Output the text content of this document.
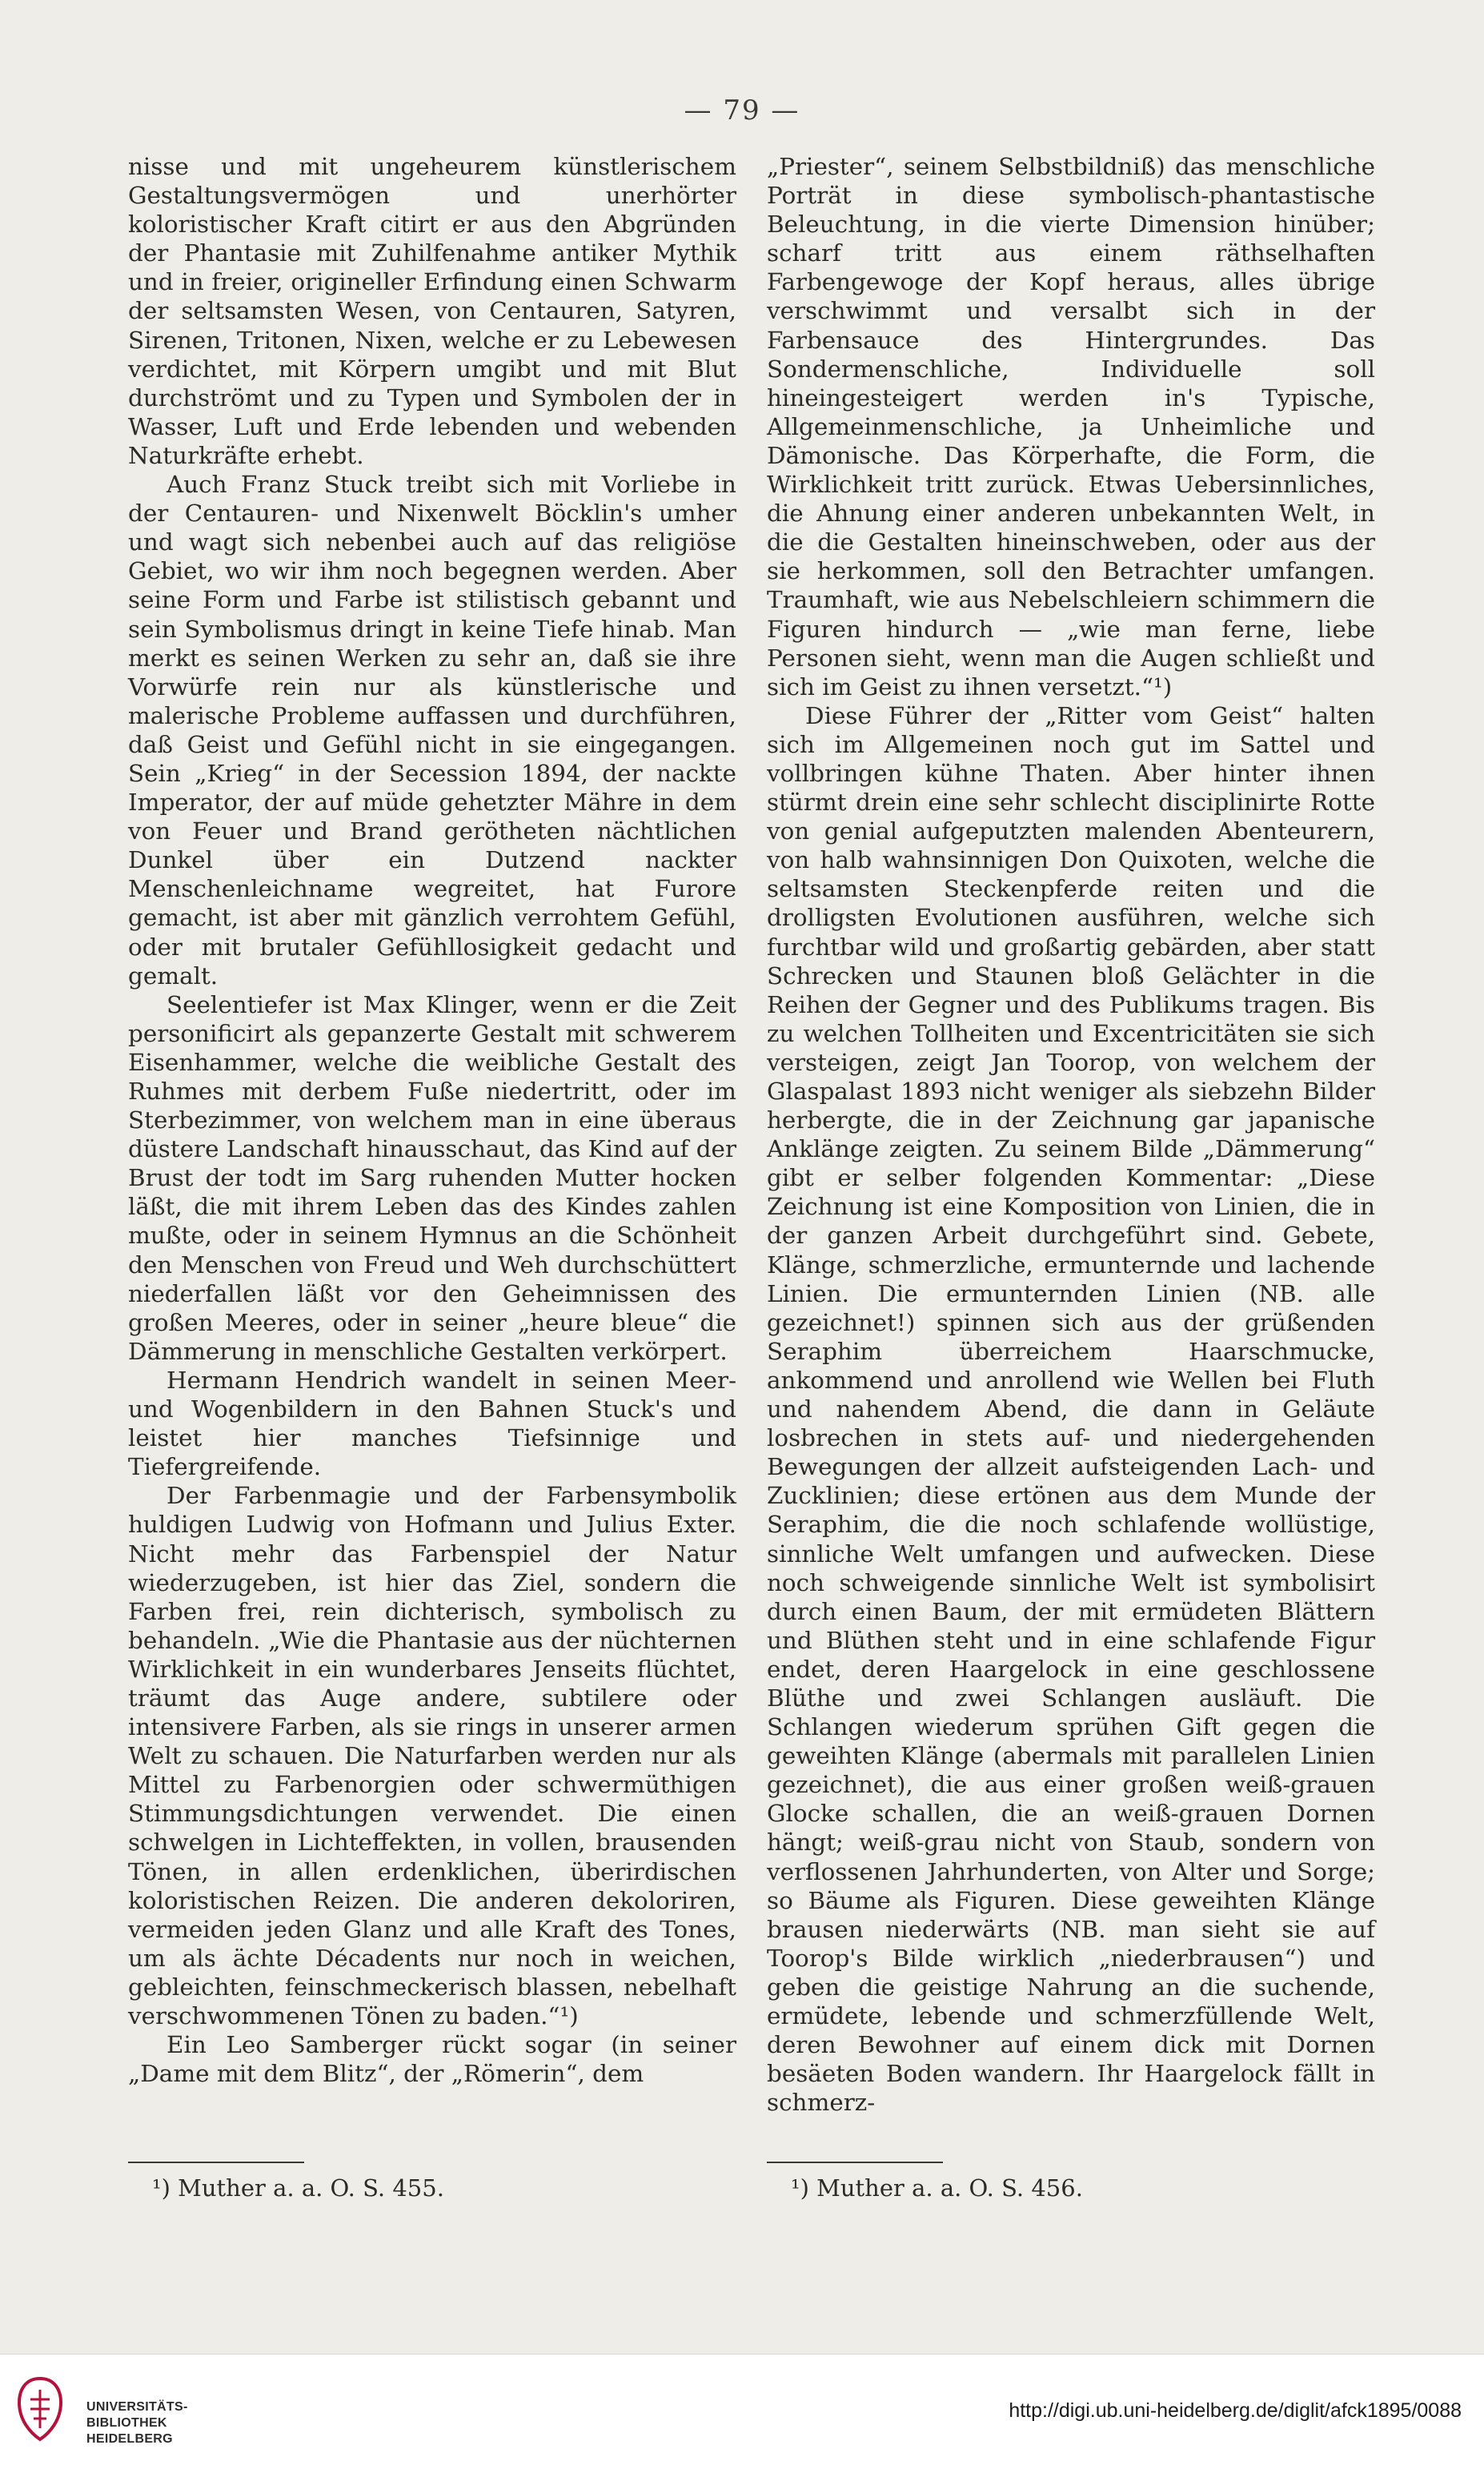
— 79 —

nisse und mit ungeheurem künstlerischem Gestaltungsvermögen und unerhörter koloristischer Kraft citirt er aus den Abgründen der Phantasie mit Zuhilfenahme antiker Mythik und in freier, origineller Erfindung einen Schwarm der seltsamsten Wesen, von Centauren, Satyren, Sirenen, Tritonen, Nixen, welche er zu Lebewesen verdichtet, mit Körpern umgibt und mit Blut durchströmt und zu Typen und Symbolen der in Wasser, Luft und Erde lebenden und webenden Naturkräfte erhebt.

Auch Franz Stuck treibt sich mit Vorliebe in der Centauren- und Nixenwelt Böcklin's umher und wagt sich nebenbei auch auf das religiöse Gebiet, wo wir ihm noch begegnen werden. Aber seine Form und Farbe ist stilistisch gebannt und sein Symbolismus dringt in keine Tiefe hinab. Man merkt es seinen Werken zu sehr an, daß sie ihre Vorwürfe rein nur als künstlerische und malerische Probleme auffassen und durchführen, daß Geist und Gefühl nicht in sie eingegangen. Sein „Krieg“ in der Secession 1894, der nackte Imperator, der auf müde gehetzter Mähre in dem von Feuer und Brand gerötheten nächtlichen Dunkel über ein Dutzend nackter Menschenleichname wegreitet, hat Furore gemacht, ist aber mit gänzlich verrohtem Gefühl, oder mit brutaler Gefühllosigkeit gedacht und gemalt.

Seelentiefer ist Max Klinger, wenn er die Zeit personificirt als gepanzerte Gestalt mit schwerem Eisenhammer, welche die weibliche Gestalt des Ruhmes mit derbem Fuße niedertritt, oder im Sterbezimmer, von welchem man in eine überaus düstere Landschaft hinausschaut, das Kind auf der Brust der todt im Sarg ruhenden Mutter hocken läßt, die mit ihrem Leben das des Kindes zahlen mußte, oder in seinem Hymnus an die Schönheit den Menschen von Freud und Weh durchschüttert niederfallen läßt vor den Geheimnissen des großen Meeres, oder in seiner „heure bleue“ die Dämmerung in menschliche Gestalten verkörpert.

Hermann Hendrich wandelt in seinen Meer- und Wogenbildern in den Bahnen Stuck's und leistet hier manches Tiefsinnige und Tiefergreifende.

Der Farbenmagie und der Farbensymbolik huldigen Ludwig von Hofmann und Julius Exter. Nicht mehr das Farbenspiel der Natur wiederzugeben, ist hier das Ziel, sondern die Farben frei, rein dichterisch, symbolisch zu behandeln. „Wie die Phantasie aus der nüchternen Wirklichkeit in ein wunderbares Jenseits flüchtet, träumt das Auge andere, subtilere oder intensivere Farben, als sie rings in unserer armen Welt zu schauen. Die Naturfarben werden nur als Mittel zu Farbenorgien oder schwermüthigen Stimmungsdichtungen verwendet. Die einen schwelgen in Lichteffekten, in vollen, brausenden Tönen, in allen erdenklichen, überirdischen koloristischen Reizen. Die anderen dekoloriren, vermeiden jeden Glanz und alle Kraft des Tones, um als ächte Décadents nur noch in weichen, gebleichten, feinschmeckerisch blassen, nebelhaft verschwommenen Tönen zu baden.“¹)

Ein Leo Samberger rückt sogar (in seiner „Dame mit dem Blitz“, der „Römerin“, dem

„Priester“, seinem Selbstbildniß) das menschliche Porträt in diese symbolisch-phantastische Beleuchtung, in die vierte Dimension hinüber; scharf tritt aus einem räthselhaften Farbengewoge der Kopf heraus, alles übrige verschwimmt und versalbt sich in der Farbensauce des Hintergrundes. Das Sondermenschliche, Individuelle soll hineingesteigert werden in's Typische, Allgemeinmenschliche, ja Unheimliche und Dämonische. Das Körperhafte, die Form, die Wirklichkeit tritt zurück. Etwas Uebersinnliches, die Ahnung einer anderen unbekannten Welt, in die die Gestalten hineinschweben, oder aus der sie herkommen, soll den Betrachter umfangen. Traumhaft, wie aus Nebelschleiern schimmern die Figuren hindurch — „wie man ferne, liebe Personen sieht, wenn man die Augen schließt und sich im Geist zu ihnen versetzt.“¹)

Diese Führer der „Ritter vom Geist“ halten sich im Allgemeinen noch gut im Sattel und vollbringen kühne Thaten. Aber hinter ihnen stürmt drein eine sehr schlecht disciplinirte Rotte von genial aufgeputzten malenden Abenteurern, von halb wahnsinnigen Don Quixoten, welche die seltsamsten Steckenpferde reiten und die drolligsten Evolutionen ausführen, welche sich furchtbar wild und großartig gebärden, aber statt Schrecken und Staunen bloß Gelächter in die Reihen der Gegner und des Publikums tragen. Bis zu welchen Tollheiten und Excentricitäten sie sich versteigen, zeigt Jan Toorop, von welchem der Glaspalast 1893 nicht weniger als siebzehn Bilder herbergte, die in der Zeichnung gar japanische Anklänge zeigten. Zu seinem Bilde „Dämmerung“ gibt er selber folgenden Kommentar: „Diese Zeichnung ist eine Komposition von Linien, die in der ganzen Arbeit durchgeführt sind. Gebete, Klänge, schmerzliche, ermunternde und lachende Linien. Die ermunternden Linien (NB. alle gezeichnet!) spinnen sich aus der grüßenden Seraphim überreichem Haarschmucke, ankommend und anrollend wie Wellen bei Fluth und nahendem Abend, die dann in Geläute losbrechen in stets auf- und niedergehenden Bewegungen der allzeit aufsteigenden Lach- und Zucklinien; diese ertönen aus dem Munde der Seraphim, die die noch schlafende wollüstige, sinnliche Welt umfangen und aufwecken. Diese noch schweigende sinnliche Welt ist symbolisirt durch einen Baum, der mit ermüdeten Blättern und Blüthen steht und in eine schlafende Figur endet, deren Haargelock in eine geschlossene Blüthe und zwei Schlangen ausläuft. Die Schlangen wiederum sprühen Gift gegen die geweihten Klänge (abermals mit parallelen Linien gezeichnet), die aus einer großen weiß-grauen Glocke schallen, die an weiß-grauen Dornen hängt; weiß-grau nicht von Staub, sondern von verflossenen Jahrhunderten, von Alter und Sorge; so Bäume als Figuren. Diese geweihten Klänge brausen niederwärts (NB. man sieht sie auf Toorop's Bilde wirklich „niederbrausen“) und geben die geistige Nahrung an die suchende, ermüdete, lebende und schmerzfüllende Welt, deren Bewohner auf einem dick mit Dornen besäeten Boden wandern. Ihr Haargelock fällt in schmerz-

¹) Muther a. a. O. S. 455.	¹) Muther a. a. O. S. 456.
UNIVERSITÄTS-
BIBLIOTHEK
HEIDELBERG
http://digi.ub.uni-heidelberg.de/diglit/afck1895/0088
